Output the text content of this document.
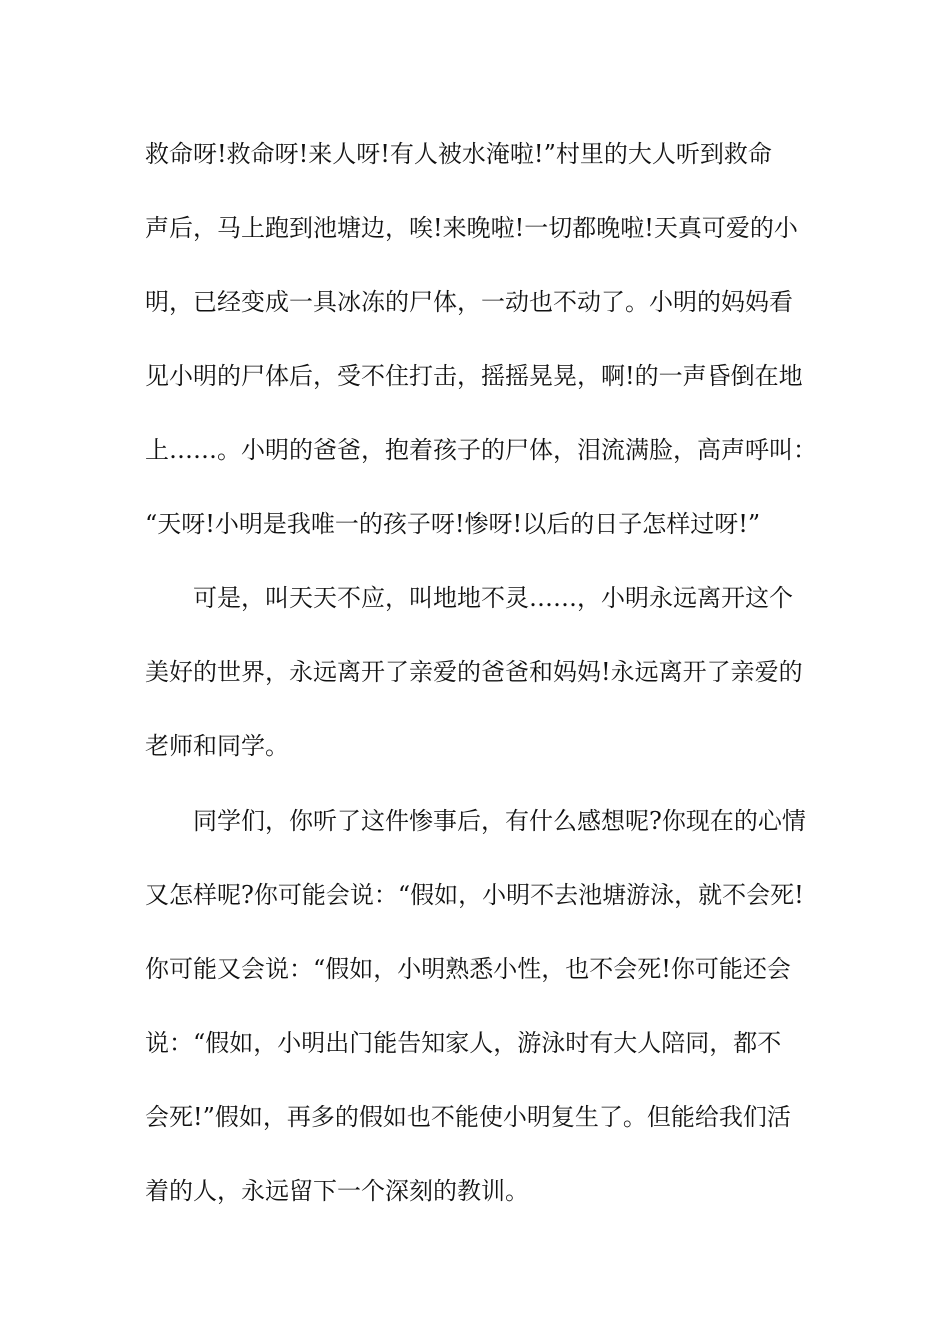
救命呀!救命呀!来人呀!有人被水淹啦!”村里的大人听到救命
声后，马上跑到池塘边，唉!来晚啦!一切都晚啦!天真可爱的小
明，已经变成一具冰冻的尸体，一动也不动了。小明的妈妈看
见小明的尸体后，受不住打击，摇摇晃晃，啊!的一声昏倒在地
上……。小明的爸爸，抱着孩子的尸体，泪流满脸，高声呼叫：
“天呀!小明是我唯一的孩子呀!惨呀!以后的日子怎样过呀!”
可是，叫天天不应，叫地地不灵……，小明永远离开这个
美好的世界，永远离开了亲爱的爸爸和妈妈!永远离开了亲爱的
老师和同学。
同学们，你听了这件惨事后，有什么感想呢?你现在的心情
又怎样呢?你可能会说：“假如，小明不去池塘游泳，就不会死!
你可能又会说：“假如，小明熟悉小性，也不会死!你可能还会
说：“假如，小明出门能告知家人，游泳时有大人陪同，都不
会死!”假如，再多的假如也不能使小明复生了。但能给我们活
着的人，永远留下一个深刻的教训。
